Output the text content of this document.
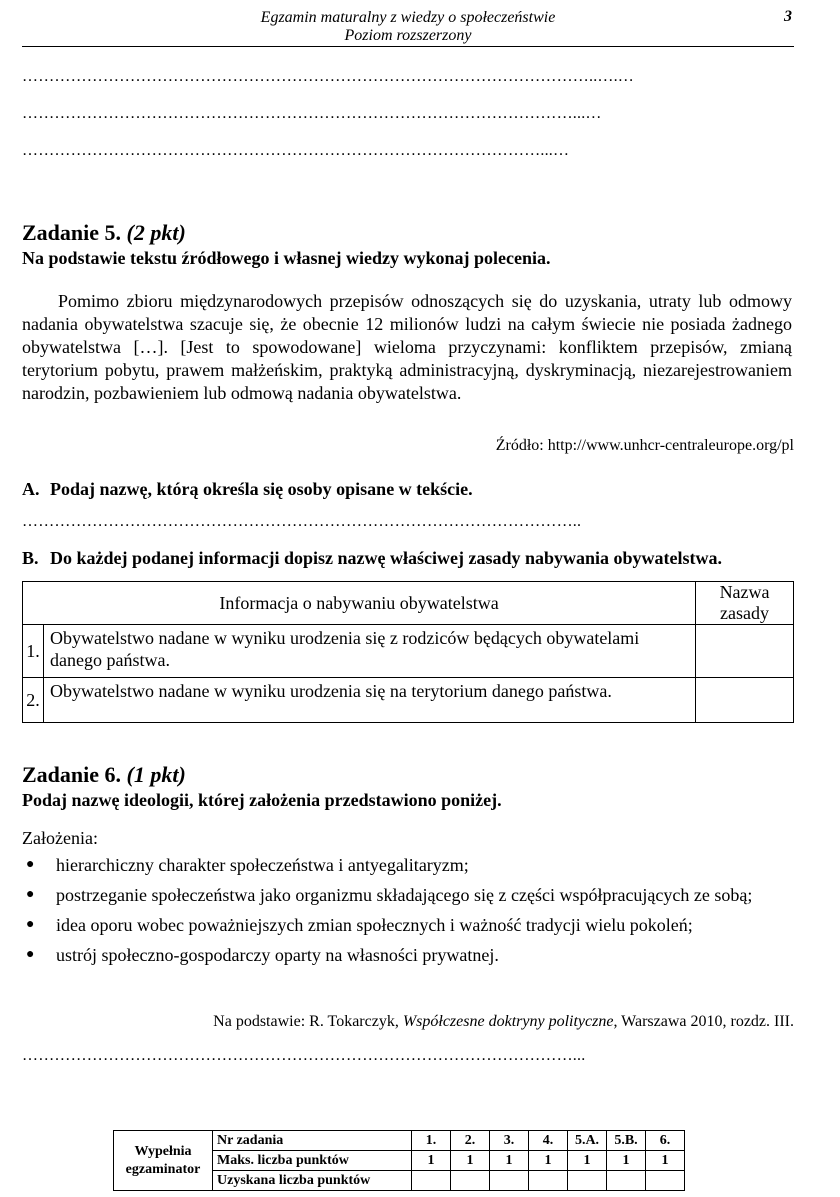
Egzamin maturalny z wiedzy o społeczeństwie
Poziom rozszerzony
3
……………………………………………………………………………………………..….…
…………………………………………………………………………………………...…
……………………………………………………………………………………...…
Zadanie 5. (2 pkt)
Na podstawie tekstu źródłowego i własnej wiedzy wykonaj polecenia.
Pomimo zbioru międzynarodowych przepisów odnoszących się do uzyskania, utraty lub odmowy nadania obywatelstwa szacuje się, że obecnie 12 milionów ludzi na całym świecie nie posiada żadnego obywatelstwa […]. [Jest to spowodowane] wieloma przyczynami: konfliktem przepisów, zmianą terytorium pobytu, prawem małżeńskim, praktyką administracyjną, dyskryminacją, niezarejestrowaniem narodzin, pozbawieniem lub odmową nadania obywatelstwa.
Źródło: http://www.unhcr-centraleurope.org/pl
A. Podaj nazwę, którą określa się osoby opisane w tekście.
…………………………………………………………………………………………..
B. Do każdej podanej informacji dopisz nazwę właściwej zasady nabywania obywatelstwa.
Informacja o nabywaniu obywatelstwa		Nazwa zasady
1.	Obywatelstwo nadane w wyniku urodzenia się z rodziców będących obywatelami danego państwa.	
2.	Obywatelstwo nadane w wyniku urodzenia się na terytorium danego państwa.	
Zadanie 6. (1 pkt)
Podaj nazwę ideologii, której założenia przedstawiono poniżej.
Założenia:
● hierarchiczny charakter społeczeństwa i antyegalitaryzm;
● postrzeganie społeczeństwa jako organizmu składającego się z części współpracujących ze sobą;
● idea oporu wobec poważniejszych zmian społecznych i ważność tradycji wielu pokoleń;
● ustrój społeczno-gospodarczy oparty na własności prywatnej.
Na podstawie: R. Tokarczyk, Współczesne doktryny polityczne, Warszawa 2010, rozdz. III.
…………………………………………………………………………………………...
Wypełnia
egzaminator	Nr zadania	1.	2.	3.	4.	5.A.	5.B.	6.
	Maks. liczba punktów	1	1	1	1	1	1	1
	Uzyskana liczba punktów							
